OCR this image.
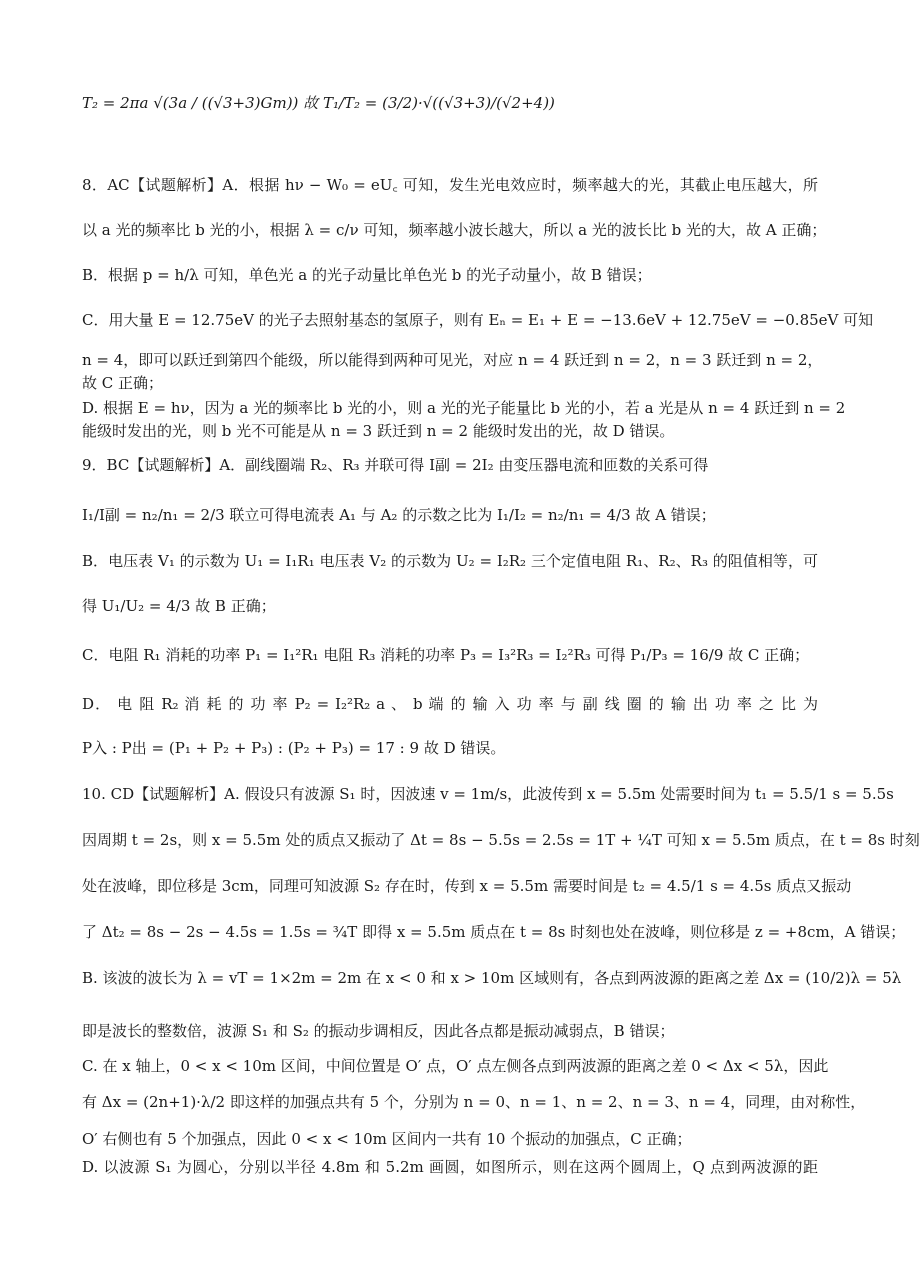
T₂ = 2πa √(3a / ((√3+3)Gm)) 故 T₁/T₂ = (3/2)·√((√3+3)/(√2+4))
8．AC【试题解析】A．根据 hν − W₀ = eU꜀ 可知，发生光电效应时，频率越大的光，其截止电压越大，所
以 a 光的频率比 b 光的小，根据 λ = c/ν 可知，频率越小波长越大，所以 a 光的波长比 b 光的大，故 A 正确；
B．根据 p = h/λ 可知，单色光 a 的光子动量比单色光 b 的光子动量小，故 B 错误；
C．用大量 E = 12.75eV 的光子去照射基态的氢原子，则有 Eₙ = E₁ + E = −13.6eV + 12.75eV = −0.85eV 可知
n = 4，即可以跃迁到第四个能级，所以能得到两种可见光，对应 n = 4 跃迁到 n = 2，n = 3 跃迁到 n = 2，
故 C 正确；
D. 根据 E = hν，因为 a 光的频率比 b 光的小，则 a 光的光子能量比 b 光的小，若 a 光是从 n = 4 跃迁到 n = 2
能级时发出的光，则 b 光不可能是从 n = 3 跃迁到 n = 2 能级时发出的光，故 D 错误。
9．BC【试题解析】A．副线圈端 R₂、R₃ 并联可得 I副 = 2I₂ 由变压器电流和匝数的关系可得
I₁/I副 = n₂/n₁ = 2/3 联立可得电流表 A₁ 与 A₂ 的示数之比为 I₁/I₂ = n₂/n₁ = 4/3 故 A 错误；
B．电压表 V₁ 的示数为 U₁ = I₁R₁ 电压表 V₂ 的示数为 U₂ = I₂R₂ 三个定值电阻 R₁、R₂、R₃ 的阻值相等，可
得 U₁/U₂ = 4/3 故 B 正确；
C．电阻 R₁ 消耗的功率 P₁ = I₁²R₁ 电阻 R₃ 消耗的功率 P₃ = I₃²R₃ = I₂²R₃ 可得 P₁/P₃ = 16/9 故 C 正确；
D． 电 阻 R₂ 消 耗 的 功 率 P₂ = I₂²R₂ a 、 b 端 的 输 入 功 率 与 副 线 圈 的 输 出 功 率 之 比 为
P入 : P出 = (P₁ + P₂ + P₃) : (P₂ + P₃) = 17 : 9 故 D 错误。
10. CD【试题解析】A. 假设只有波源 S₁ 时，因波速 v = 1m/s，此波传到 x = 5.5m 处需要时间为 t₁ = 5.5/1 s = 5.5s
因周期 t = 2s，则 x = 5.5m 处的质点又振动了 Δt = 8s − 5.5s = 2.5s = 1T + ¼T 可知 x = 5.5m 质点，在 t = 8s 时刻
处在波峰，即位移是 3cm，同理可知波源 S₂ 存在时，传到 x = 5.5m 需要时间是 t₂ = 4.5/1 s = 4.5s 质点又振动
了 Δt₂ = 8s − 2s − 4.5s = 1.5s = ¾T 即得 x = 5.5m 质点在 t = 8s 时刻也处在波峰，则位移是 z = +8cm，A 错误；
B. 该波的波长为 λ = vT = 1×2m = 2m 在 x < 0 和 x > 10m 区域则有，各点到两波源的距离之差 Δx = (10/2)λ = 5λ
即是波长的整数倍，波源 S₁ 和 S₂ 的振动步调相反，因此各点都是振动减弱点，B 错误；
C. 在 x 轴上，0 < x < 10m 区间，中间位置是 O′ 点，O′ 点左侧各点到两波源的距离之差 0 < Δx < 5λ，因此
有 Δx = (2n+1)·λ/2 即这样的加强点共有 5 个，分别为 n = 0、n = 1、n = 2、n = 3、n = 4，同理，由对称性，
O′ 右侧也有 5 个加强点，因此 0 < x < 10m 区间内一共有 10 个振动的加强点，C 正确；
D. 以波源 S₁ 为圆心，分别以半径 4.8m 和 5.2m 画圆，如图所示，则在这两个圆周上，Q 点到两波源的距
